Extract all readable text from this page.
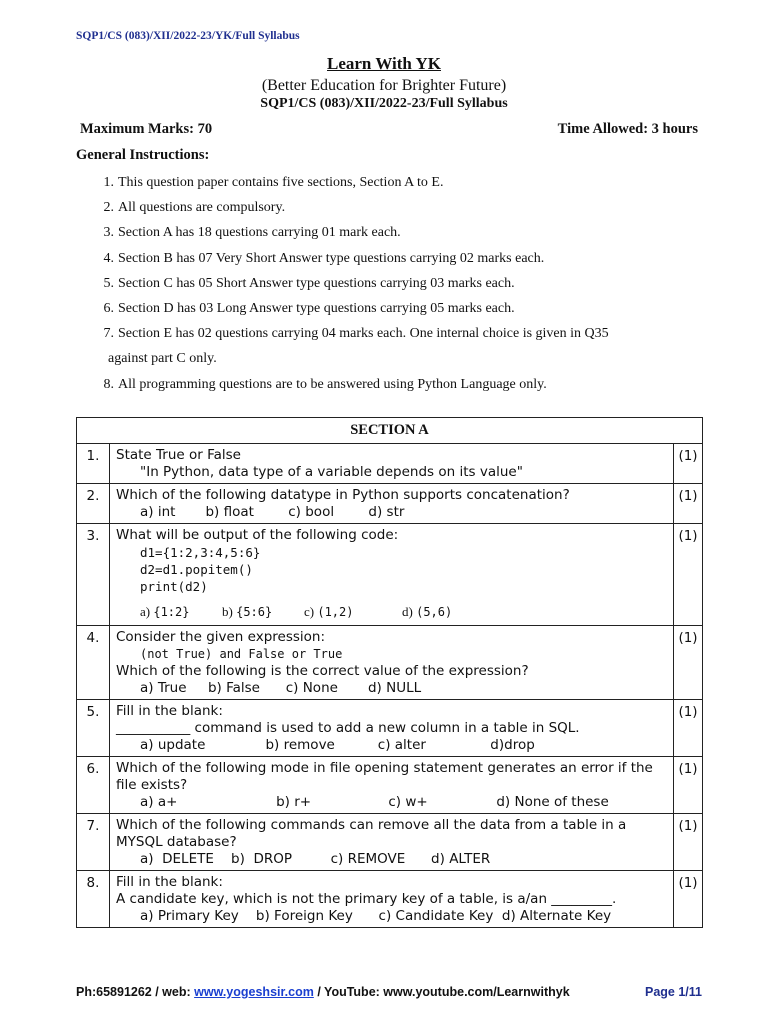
SQP1/CS (083)/XII/2022-23/YK/Full Syllabus
Learn With YK
(Better Education for Brighter Future)
SQP1/CS (083)/XII/2022-23/Full Syllabus
Maximum Marks: 70	Time Allowed: 3 hours
General Instructions:
1. This question paper contains five sections, Section A to E.
2. All questions are compulsory.
3. Section A has 18 questions carrying 01 mark each.
4. Section B has 07 Very Short Answer type questions carrying 02 marks each.
5. Section C has 05 Short Answer type questions carrying 03 marks each.
6. Section D has 03 Long Answer type questions carrying 05 marks each.
7. Section E has 02 questions carrying 04 marks each. One internal choice is given in Q35
against part C only.
8. All programming questions are to be answered using Python Language only.
SECTION A		
1.	State True or False
"In Python, data type of a variable depends on its value"	(1)
2.	Which of the following datatype in Python supports concatenation?
a) int       b) float        c) bool        d) str	(1)
3.	What will be output of the following code:
d1={1:2,3:4,5:6}
d2=d1.popitem()
print(d2)
a) {1:2} b) {5:6} c) (1,2) d) (5,6)	(1)
4.	Consider the given expression:
(not True) and False or True
Which of the following is the correct value of the expression?
a) True     b) False      c) None       d) NULL	(1)
5.	Fill in the blank:
___________ command is used to add a new column in a table in SQL.
a) update              b) remove          c) alter               d)drop	(1)
6.	Which of the following mode in file opening statement generates an error if the file exists?
a) a+                       b) r+                  c) w+                d) None of these	(1)
7.	Which of the following commands can remove all the data from a table in a MYSQL database?
a)  DELETE    b)  DROP         c) REMOVE      d) ALTER	(1)
8.	Fill in the blank:
A candidate key, which is not the primary key of a table, is a/an _________.
a) Primary Key    b) Foreign Key      c) Candidate Key  d) Alternate Key	(1)
Ph:65891262 / web: www.yogeshsir.com / YouTube: www.youtube.com/Learnwithyk	Page 1/11
